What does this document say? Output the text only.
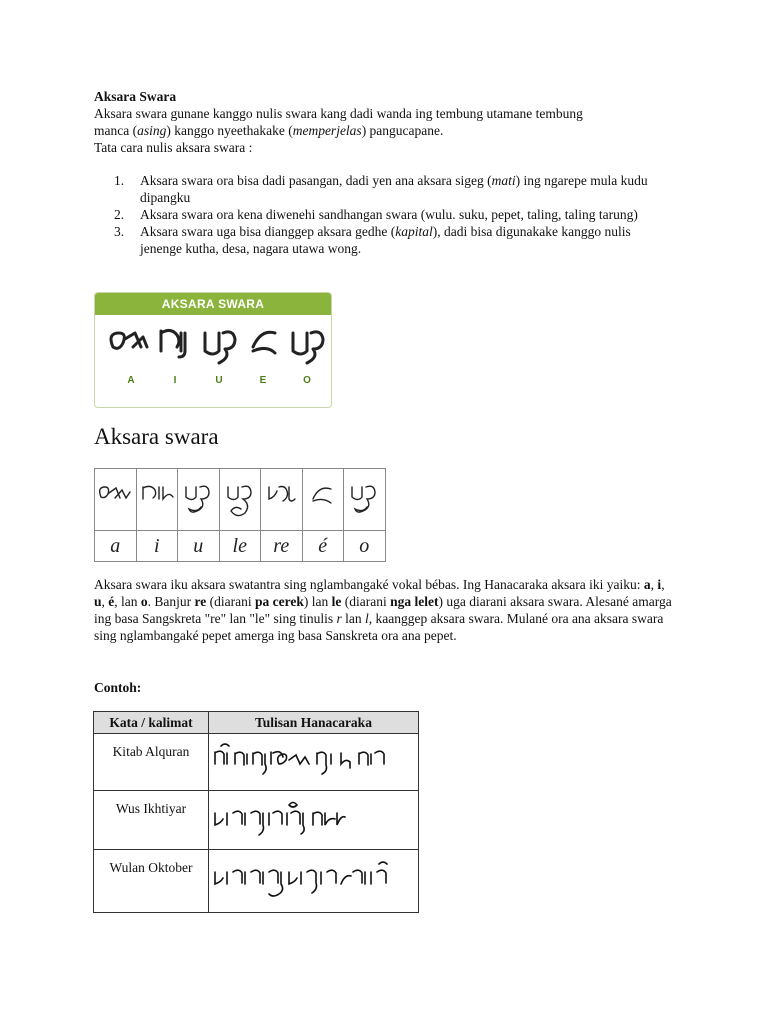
Aksara Swara

Aksara swara gunane kanggo nulis swara kang dadi wanda ing tembung utamane tembung

manca (asing) kanggo nyeethakake (memperjelas) pangucapane.

Tata cara nulis aksara swara :

1.	Aksara swara ora bisa dadi pasangan, dadi yen ana aksara sigeg (mati) ing ngarepe mula kudu dipangku
2.	Aksara swara ora kena diwenehi sandhangan swara (wulu. suku, pepet, taling, taling tarung)
3.	Aksara swara uga bisa dianggep aksara gedhe (kapital), dadi bisa digunakake kanggo nulis jenenge kutha, desa, nagara utawa wong.
AKSARA SWARA
A	I	U	E	O
Aksara swara

a	i	u	le	re	é	o

Aksara swara iku aksara swatantra sing nglambangaké vokal bébas. Ing Hanacaraka aksara iki yaiku: a, i, u, é, lan o. Banjur re (diarani pa cerek) lan le (diarani nga lelet) uga diarani aksara swara. Alesané amarga ing basa Sangskreta "re" lan "le" sing tinulis r lan l, kaanggep aksara swara. Mulané ora ana aksara swara sing nglambangaké pepet amerga ing basa Sanskreta ora ana pepet.

Contoh:

Kata / kalimat	Tulisan Hanacaraka
Kitab Alquran	
Wus Ikhtiyar	
Wulan Oktober	
